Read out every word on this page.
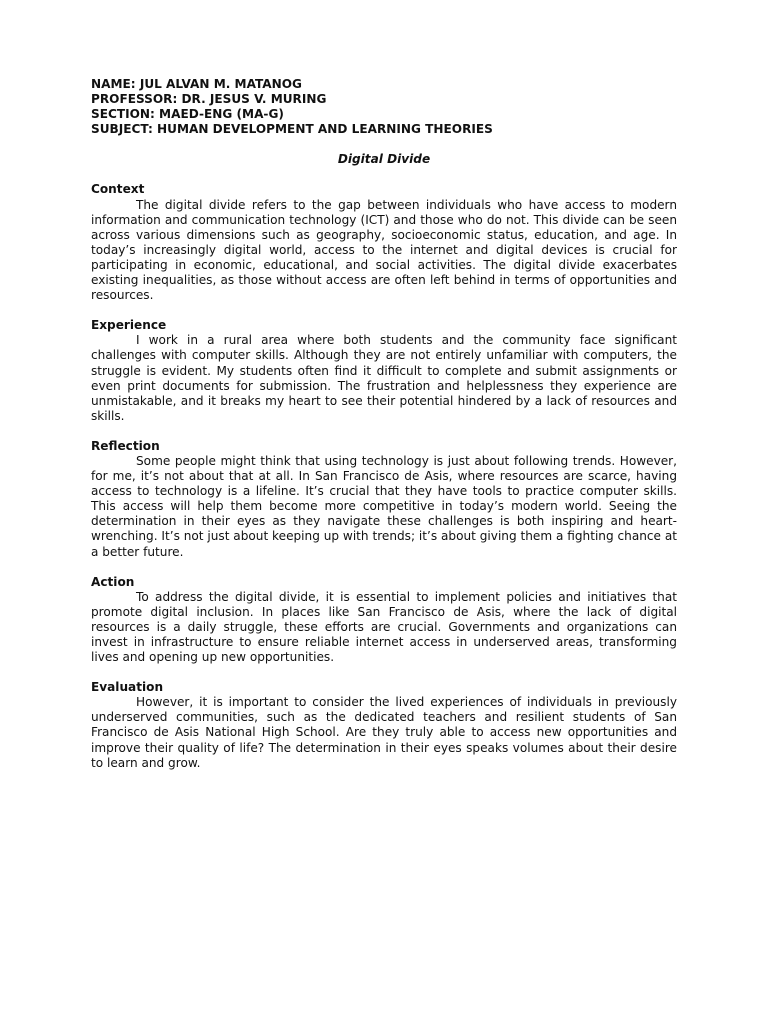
NAME: JUL ALVAN M. MATANOG
PROFESSOR: DR. JESUS V. MURING
SECTION: MAED-ENG (MA-G)
SUBJECT: HUMAN DEVELOPMENT AND LEARNING THEORIES
Digital Divide
Context

The digital divide refers to the gap between individuals who have access to modern information and communication technology (ICT) and those who do not. This divide can be seen across various dimensions such as geography, socioeconomic status, education, and age. In today’s increasingly digital world, access to the internet and digital devices is crucial for participating in economic, educational, and social activities. The digital divide exacerbates existing inequalities, as those without access are often left behind in terms of opportunities and resources.

Experience

I work in a rural area where both students and the community face significant challenges with computer skills. Although they are not entirely unfamiliar with computers, the struggle is evident. My students often find it difficult to complete and submit assignments or even print documents for submission. The frustration and helplessness they experience are unmistakable, and it breaks my heart to see their potential hindered by a lack of resources and skills.

Reflection

Some people might think that using technology is just about following trends. However, for me, it’s not about that at all. In San Francisco de Asis, where resources are scarce, having access to technology is a lifeline. It’s crucial that they have tools to practice computer skills. This access will help them become more competitive in today’s modern world. Seeing the determination in their eyes as they navigate these challenges is both inspiring and heart-wrenching. It’s not just about keeping up with trends; it’s about giving them a fighting chance at a better future.

Action

To address the digital divide, it is essential to implement policies and initiatives that promote digital inclusion. In places like San Francisco de Asis, where the lack of digital resources is a daily struggle, these efforts are crucial. Governments and organizations can invest in infrastructure to ensure reliable internet access in underserved areas, transforming lives and opening up new opportunities.

Evaluation

However, it is important to consider the lived experiences of individuals in previously underserved communities, such as the dedicated teachers and resilient students of San Francisco de Asis National High School. Are they truly able to access new opportunities and improve their quality of life? The determination in their eyes speaks volumes about their desire to learn and grow.
